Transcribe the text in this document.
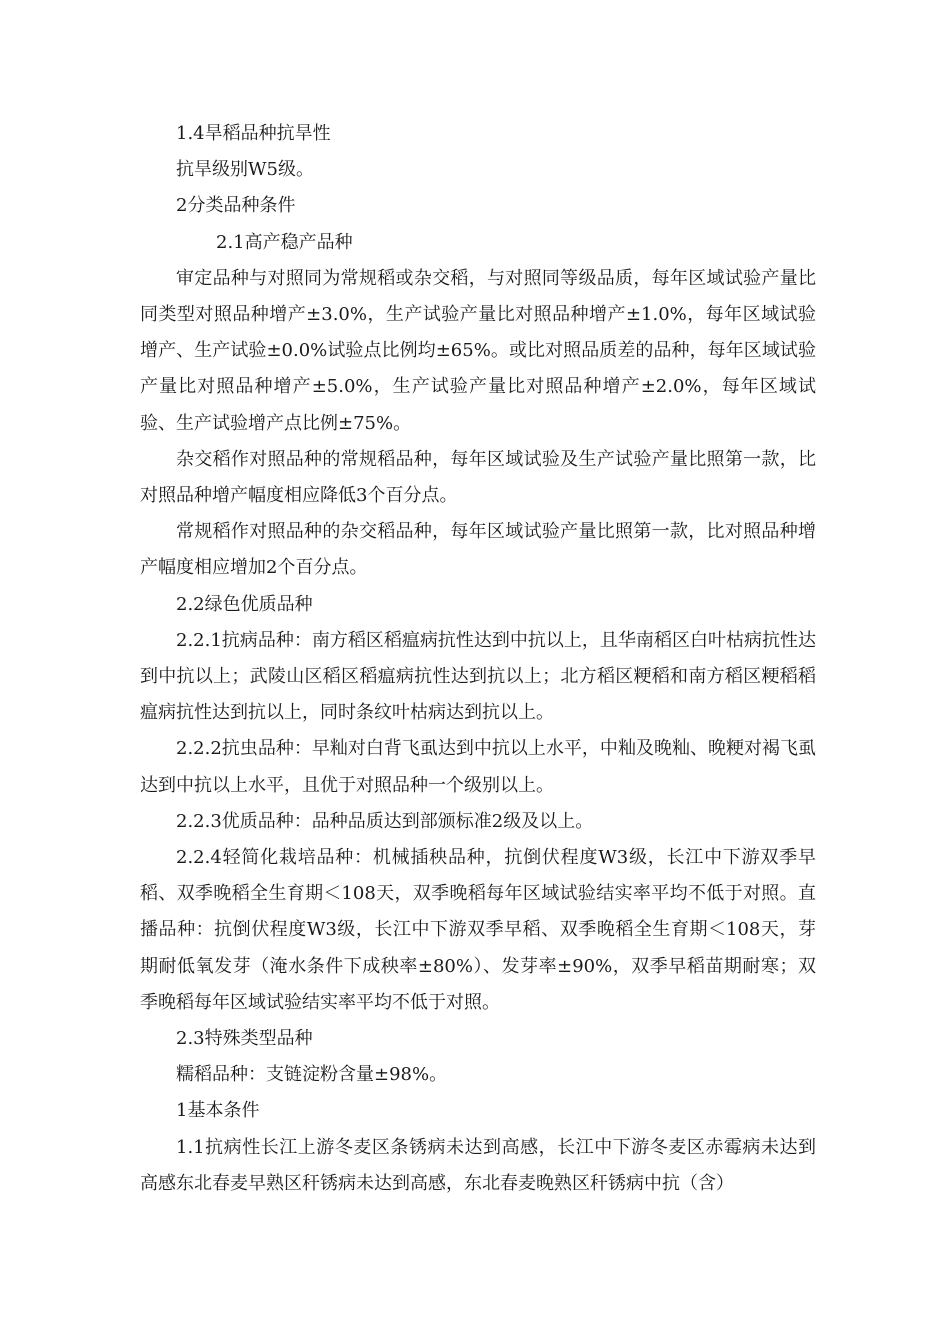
1.4旱稻品种抗旱性
抗旱级别W5级。
2分类品种条件
2.1高产稳产品种

审定品种与对照同为常规稻或杂交稻，与对照同等级品质，每年区域试验产量比同类型对照品种增产±3.0%，生产试验产量比对照品种增产±1.0%，每年区域试验增产、生产试验±0.0%试验点比例均±65%。或比对照品质差的品种，每年区域试验产量比对照品种增产±5.0%，生产试验产量比对照品种增产±2.0%，每年区域试验、生产试验增产点比例±75%。

杂交稻作对照品种的常规稻品种，每年区域试验及生产试验产量比照第一款，比对照品种增产幅度相应降低3个百分点。

常规稻作对照品种的杂交稻品种，每年区域试验产量比照第一款，比对照品种增产幅度相应增加2个百分点。

2.2绿色优质品种

2.2.1抗病品种：南方稻区稻瘟病抗性达到中抗以上，且华南稻区白叶枯病抗性达到中抗以上；武陵山区稻区稻瘟病抗性达到抗以上；北方稻区粳稻和南方稻区粳稻稻瘟病抗性达到抗以上，同时条纹叶枯病达到抗以上。

2.2.2抗虫品种：早籼对白背飞虱达到中抗以上水平，中籼及晚籼、晚粳对褐飞虱达到中抗以上水平，且优于对照品种一个级别以上。

2.2.3优质品种：品种品质达到部颁标准2级及以上。

2.2.4轻简化栽培品种：机械插秧品种，抗倒伏程度W3级，长江中下游双季早稻、双季晚稻全生育期＜108天，双季晚稻每年区域试验结实率平均不低于对照。直播品种：抗倒伏程度W3级，长江中下游双季早稻、双季晚稻全生育期＜108天，芽期耐低氧发芽（淹水条件下成秧率±80%）、发芽率±90%，双季早稻苗期耐寒；双季晚稻每年区域试验结实率平均不低于对照。

2.3特殊类型品种
糯稻品种：支链淀粉含量±98%。
1基本条件

1.1抗病性长江上游冬麦区条锈病未达到高感，长江中下游冬麦区赤霉病未达到高感东北春麦早熟区秆锈病未达到高感，东北春麦晚熟区秆锈病中抗（含）
